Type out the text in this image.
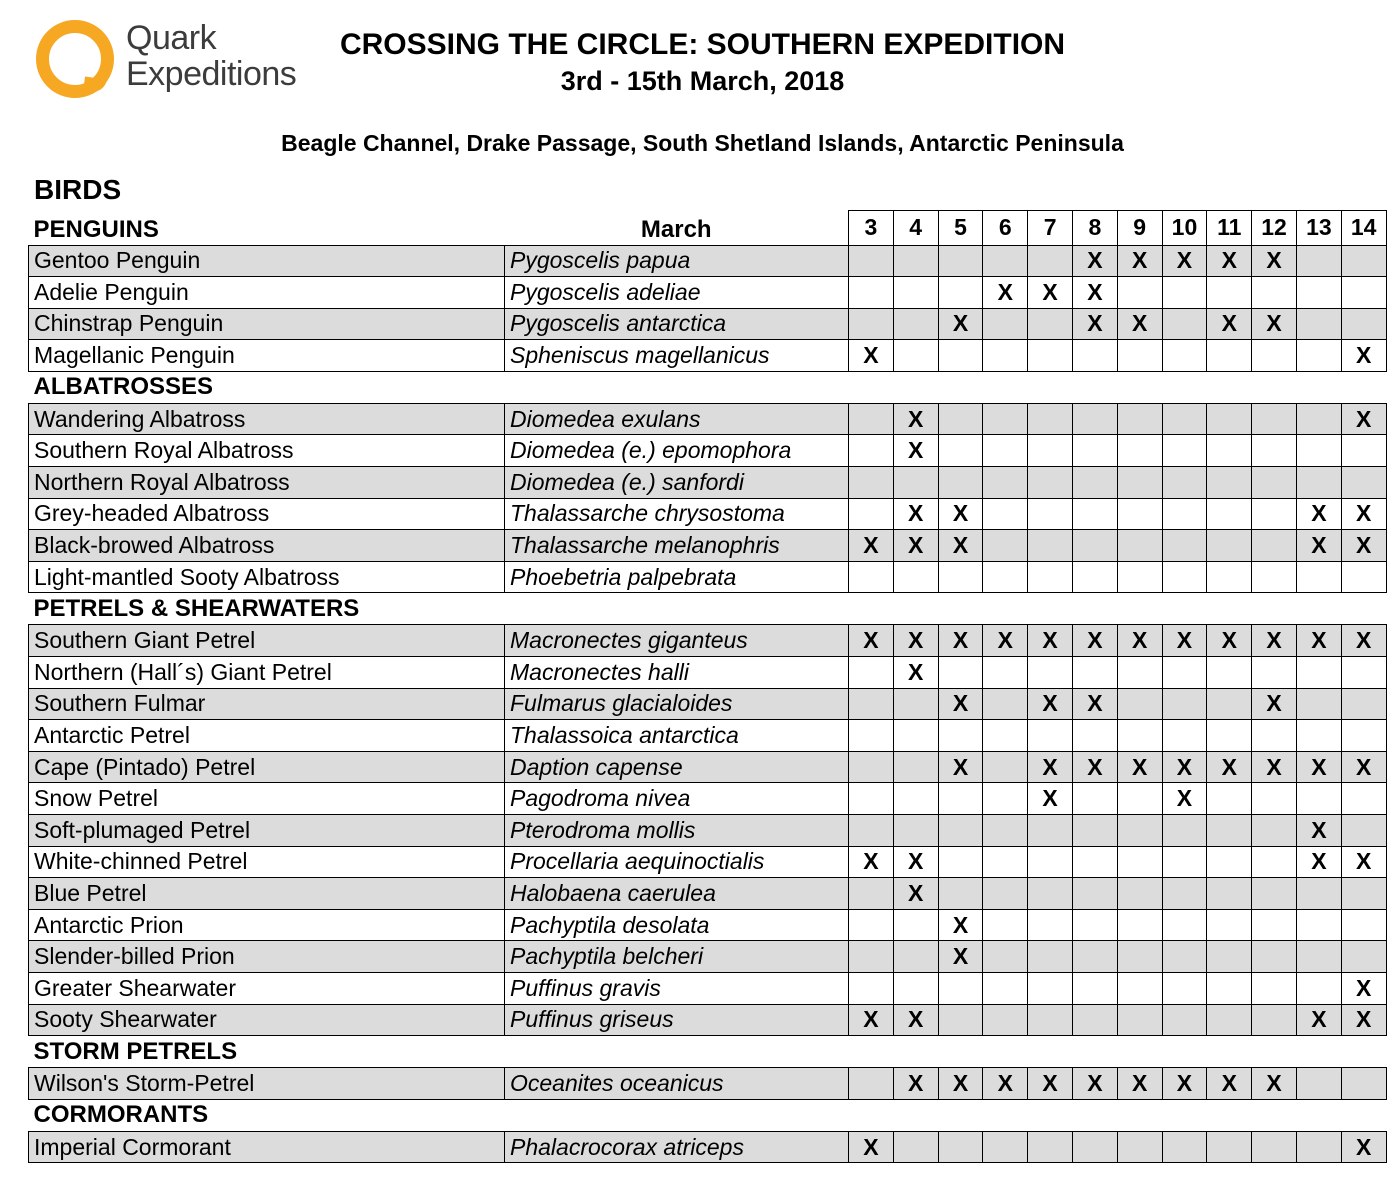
Quark
Expeditions
CROSSING THE CIRCLE: SOUTHERN EXPEDITION
3rd - 15th March, 2018
Beagle Channel, Drake Passage, South Shetland Islands, Antarctic Peninsula
BIRDS
PENGUINS	March	3	4	5	6	7	8	9	10	11	12	13	14
Gentoo Penguin	Pygoscelis papua						X	X	X	X	X		
Adelie Penguin	Pygoscelis adeliae				X	X	X						
Chinstrap Penguin	Pygoscelis antarctica			X			X	X		X	X		
Magellanic Penguin	Spheniscus magellanicus	X											X
ALBATROSSES													
Wandering Albatross	Diomedea exulans		X										X
Southern Royal Albatross	Diomedea (e.) epomophora		X										
Northern Royal Albatross	Diomedea (e.) sanfordi												
Grey-headed Albatross	Thalassarche chrysostoma		X	X								X	X
Black-browed Albatross	Thalassarche melanophris	X	X	X								X	X
Light-mantled Sooty Albatross	Phoebetria palpebrata												
PETRELS & SHEARWATERS													
Southern Giant Petrel	Macronectes giganteus	X	X	X	X	X	X	X	X	X	X	X	X
Northern (Hall´s) Giant Petrel	Macronectes halli		X										
Southern Fulmar	Fulmarus glacialoides			X		X	X				X		
Antarctic Petrel	Thalassoica antarctica												
Cape (Pintado) Petrel	Daption capense			X		X	X	X	X	X	X	X	X
Snow Petrel	Pagodroma nivea					X			X				
Soft-plumaged Petrel	Pterodroma mollis											X	
White-chinned Petrel	Procellaria aequinoctialis	X	X									X	X
Blue Petrel	Halobaena caerulea		X										
Antarctic Prion	Pachyptila desolata			X									
Slender-billed Prion	Pachyptila belcheri			X									
Greater Shearwater	Puffinus gravis												X
Sooty Shearwater	Puffinus griseus	X	X									X	X
STORM PETRELS													
Wilson's Storm-Petrel	Oceanites oceanicus		X	X	X	X	X	X	X	X	X		
CORMORANTS													
Imperial Cormorant	Phalacrocorax atriceps	X											X
